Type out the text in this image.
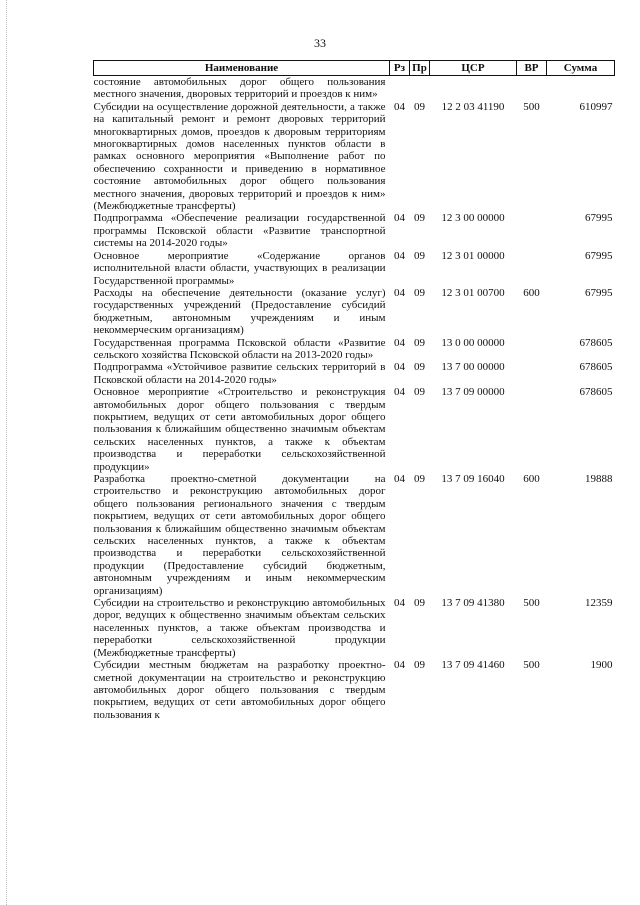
33
Наименование	Рз	Пр	ЦСР	ВР	Сумма
состояние автомобильных дорог общего пользования местного значения, дворовых территорий и проездов к ним»					
Субсидии на осуществление дорожной деятельности, а также на капитальный ремонт и ремонт дворовых территорий многоквартирных домов, проездов к дворовым территориям многоквартирных домов населенных пунктов области в рамках основного мероприятия «Выполнение работ по обеспечению сохранности и приведению в нормативное состояние автомобильных дорог общего пользования местного значения, дворовых территорий и проездов к ним» (Межбюджетные трансферты)	04	09	12 2 03 41190	500	610997
Подпрограмма «Обеспечение реализации государственной программы Псковской области «Развитие транспортной системы на 2014-2020 годы»	04	09	12 3 00 00000		67995
Основное мероприятие «Содержание органов исполнительной власти области, участвующих в реализации Государственной программы»	04	09	12 3 01 00000		67995
Расходы на обеспечение деятельности (оказание услуг) государственных учреждений (Предоставление субсидий бюджетным, автономным учреждениям и иным некоммерческим организациям)	04	09	12 3 01 00700	600	67995
Государственная программа Псковской области «Развитие сельского хозяйства Псковской области на 2013-2020 годы»	04	09	13 0 00 00000		678605
Подпрограмма «Устойчивое развитие сельских территорий в Псковской области на 2014-2020 годы»	04	09	13 7 00 00000		678605
Основное мероприятие «Строительство и реконструкция автомобильных дорог общего пользования с твердым покрытием, ведущих от сети автомобильных дорог общего пользования к ближайшим общественно значимым объектам сельских населенных пунктов, а также к объектам производства и переработки сельскохозяйственной продукции»	04	09	13 7 09 00000		678605
Разработка проектно-сметной документации на строительство и реконструкцию автомобильных дорог общего пользования регионального значения с твердым покрытием, ведущих от сети автомобильных дорог общего пользования к ближайшим общественно значимым объектам сельских населенных пунктов, а также к объектам производства и переработки сельскохозяйственной продукции (Предоставление субсидий бюджетным, автономным учреждениям и иным некоммерческим организациям)	04	09	13 7 09 16040	600	19888
Субсидии на строительство и реконструкцию автомобильных дорог, ведущих к общественно значимым объектам сельских населенных пунктов, а также объектам производства и переработки сельскохозяйственной продукции (Межбюджетные трансферты)	04	09	13 7 09 41380	500	12359
Субсидии местным бюджетам на разработку проектно-сметной документации на строительство и реконструкцию автомобильных дорог общего пользования с твердым покрытием, ведущих от сети автомобильных дорог общего пользования к	04	09	13 7 09 41460	500	1900
